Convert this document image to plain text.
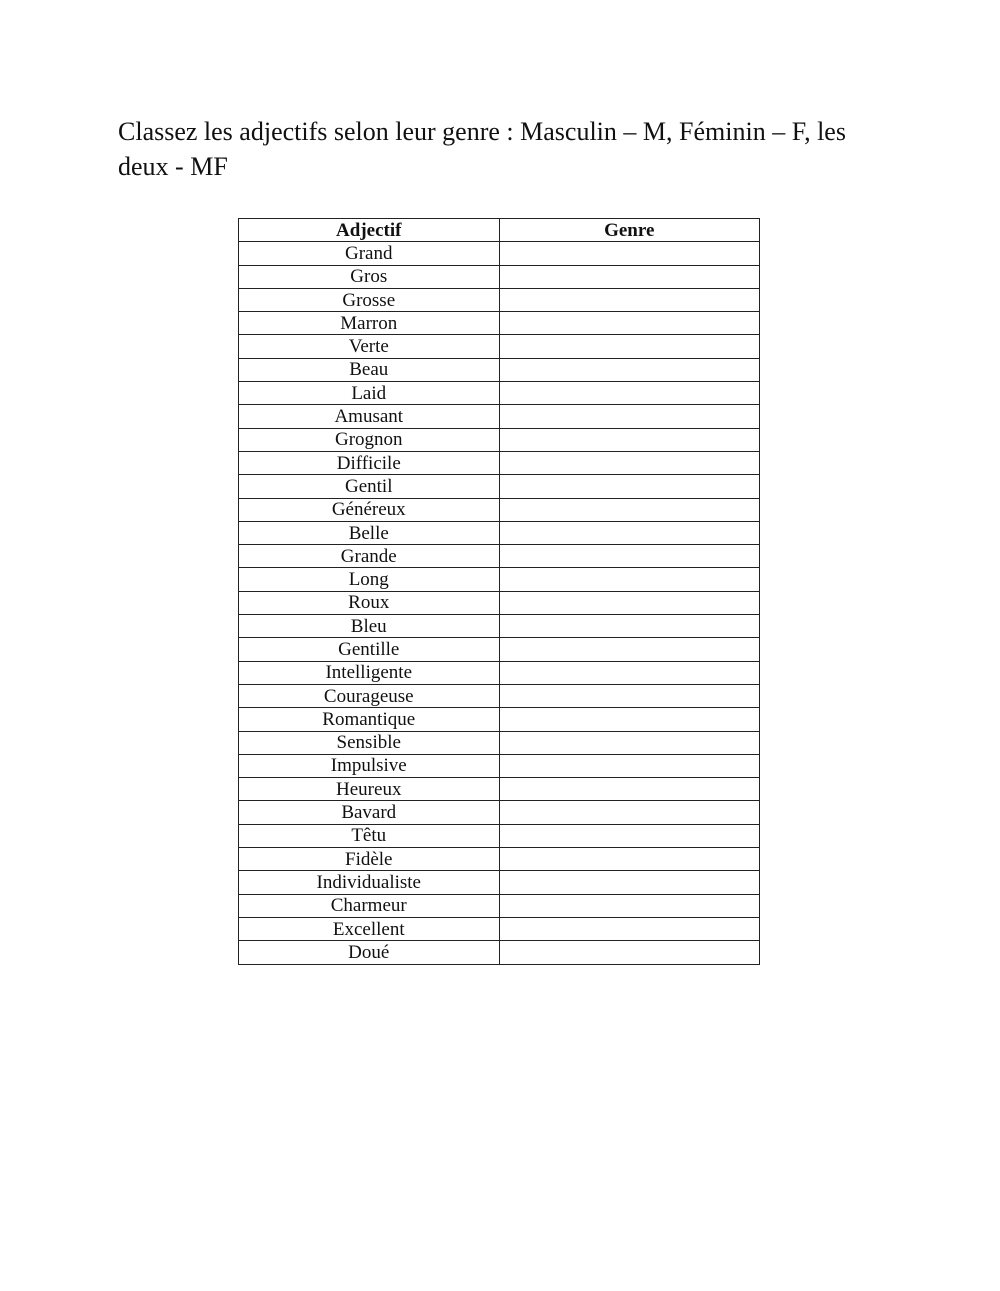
Classez les adjectifs selon leur genre : Masculin – M, Féminin – F, les deux - MF

Adjectif	Genre
Grand	
Gros	
Grosse	
Marron	
Verte	
Beau	
Laid	
Amusant	
Grognon	
Difficile	
Gentil	
Généreux	
Belle	
Grande	
Long	
Roux	
Bleu	
Gentille	
Intelligente	
Courageuse	
Romantique	
Sensible	
Impulsive	
Heureux	
Bavard	
Têtu	
Fidèle	
Individualiste	
Charmeur	
Excellent	
Doué	
